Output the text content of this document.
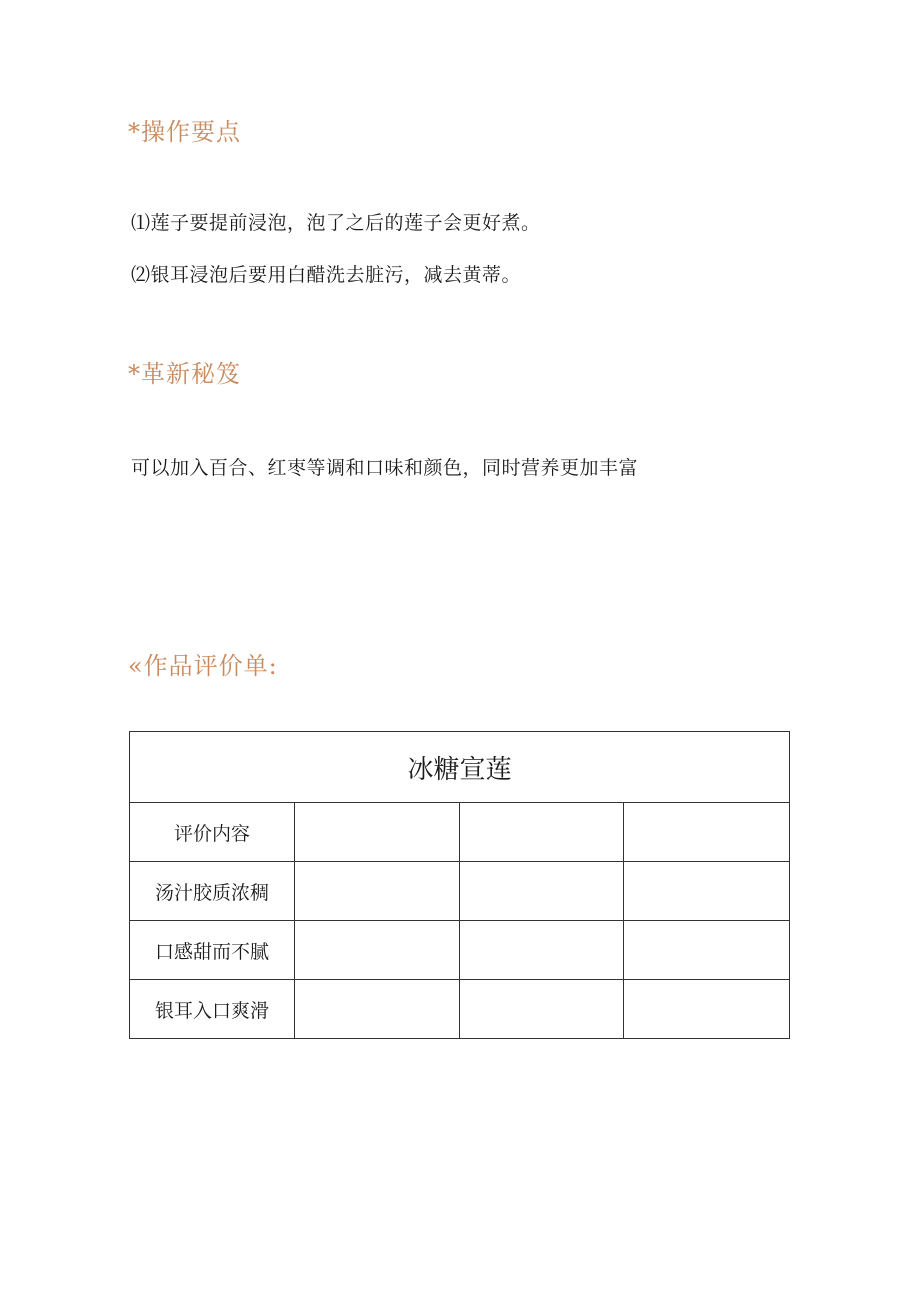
*操作要点
⑴莲子要提前浸泡，泡了之后的莲子会更好煮。
⑵银耳浸泡后要用白醋洗去脏污，减去黄蒂。
*革新秘笈
可以加入百合、红枣等调和口味和颜色，同时营养更加丰富
«作品评价单:
冰糖宣莲			
评价内容			
汤汁胶质浓稠			
口感甜而不腻			
银耳入口爽滑			
